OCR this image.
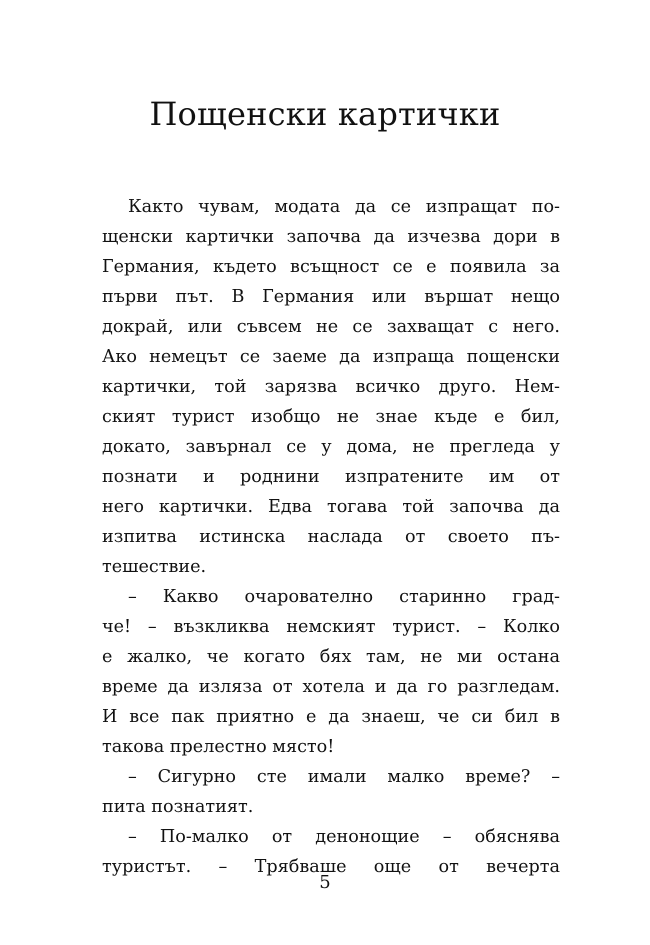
Пощенски картички
Както чувам, модата да се изпращат по-
щенски картички започва да изчезва дори в
Германия, където всъщност се е появила за
първи път. В Германия или вършат нещо
докрай, или съвсем не се захващат с него.
Ако немецът се заеме да изпраща пощенски
картички, той зарязва всичко друго. Нем-
ският турист изобщо не знае къде е бил,
докато, завърнал се у дома, не прегледа у
познати и роднини изпратените им от
него картички. Едва тогава той започва да
изпитва истинска наслада от своето пъ-
тешествие.
– Какво очарователно старинно град-
че! – възкликва немският турист. – Колко
е жалко, че когато бях там, не ми остана
време да изляза от хотела и да го разгледам.
И все пак приятно е да знаеш, че си бил в
такова прелестно място!
– Сигурно сте имали малко време? –
пита познатият.
– По-малко от денонощие – обяснява
туристът. – Трябваше още от вечерта
5
